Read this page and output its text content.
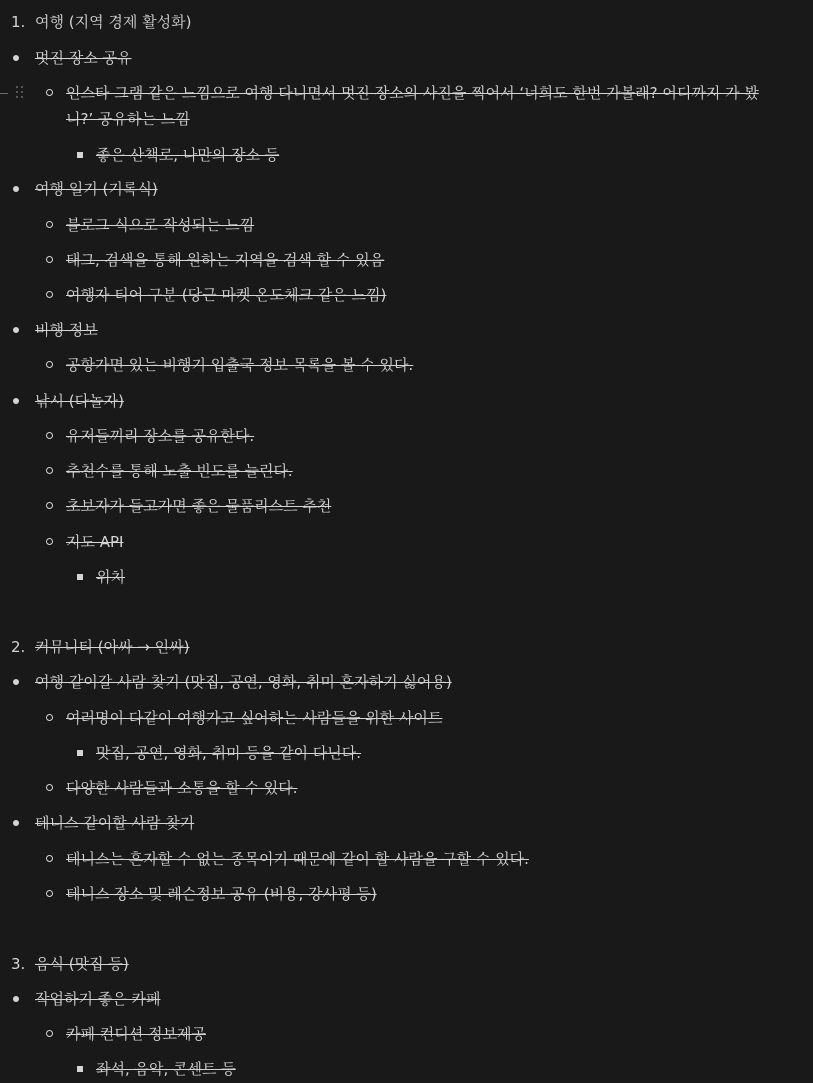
1. 여행 (지역 경제 활성화)
멋진 장소 공유
인스타 그램 같은 느낌으로 여행 다니면서 멋진 장소의 사진을 찍어서 ‘너희도 한번 가볼래? 어디까지 가 봤니?’ 공유하는 느낌
좋은 산책로, 나만의 장소 등
여행 일기 (기록식)
블로그 식으로 작성되는 느낌
태그, 검색을 통해 원하는 지역을 검색 할 수 있음
여행자 티어 구분 (당근 마켓 온도체크 같은 느낌)
비행 정보
공항가면 있는 비행기 입출국 정보 목록을 볼 수 있다.
낚시 (다놀자)
유저들끼리 장소를 공유한다.
추천수를 통해 노출 빈도를 늘린다.
초보자가 들고가면 좋은 물품리스트 추천
지도 API
위치
2. 커뮤니티 (아싸 → 인싸)
여행 같이갈 사람 찾기 (맛집, 공연, 영화, 취미 혼자하기 싫어용)
여러명이 다같이 여행가고 싶어하는 사람들을 위한 사이트
맛집, 공연, 영화, 취미 등을 같이 다닌다.
다양한 사람들과 소통을 할 수 있다.
테니스 같이할 사람 찾기
테니스는 혼자할 수 없는 종목이기 때문에 같이 할 사람을 구할 수 있다.
테니스 장소 및 레슨정보 공유 (비용, 강사평 등)
3. 음식 (맛집 등)
작업하기 좋은 카페
카페 컨디션 정보제공
좌석, 음악, 콘센트 등
